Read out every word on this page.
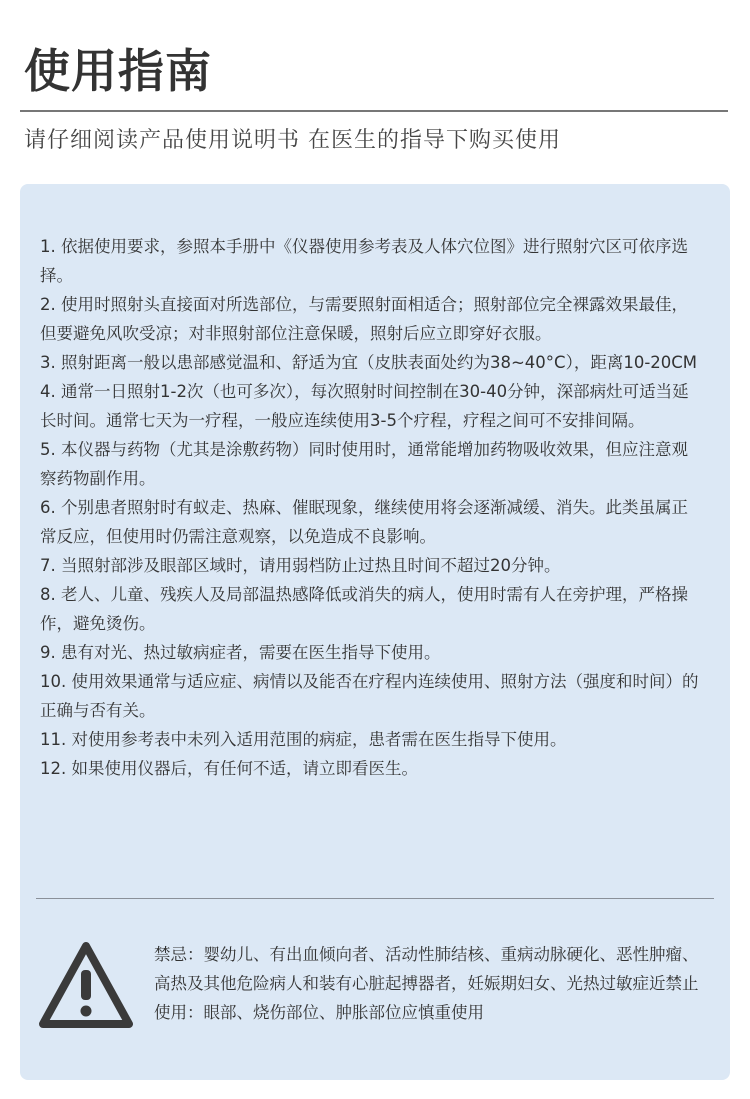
使用指南
请仔细阅读产品使用说明书 在医生的指导下购买使用
1. 依据使用要求，参照本手册中《仪器使用参考表及人体穴位图》进行照射穴区可依序选择。
2. 使用时照射头直接面对所选部位，与需要照射面相适合；照射部位完全裸露效果最佳，但要避免风吹受凉；对非照射部位注意保暖，照射后应立即穿好衣服。
3. 照射距离一般以患部感觉温和、舒适为宜（皮肤表面处约为38~40°C），距离10-20CM
4. 通常一日照射1-2次（也可多次），每次照射时间控制在30-40分钟，深部病灶可适当延长时间。通常七天为一疗程，一般应连续使用3-5个疗程，疗程之间可不安排间隔。
5. 本仪器与药物（尤其是涂敷药物）同时使用时，通常能增加药物吸收效果，但应注意观察药物副作用。
6. 个别患者照射时有蚁走、热麻、催眠现象，继续使用将会逐渐减缓、消失。此类虽属正常反应，但使用时仍需注意观察，以免造成不良影响。
7. 当照射部涉及眼部区域时，请用弱档防止过热且时间不超过20分钟。
8. 老人、儿童、残疾人及局部温热感降低或消失的病人，使用时需有人在旁护理，严格操作，避免烫伤。
9. 患有对光、热过敏病症者，需要在医生指导下使用。
10. 使用效果通常与适应症、病情以及能否在疗程内连续使用、照射方法（强度和时间）的正确与否有关。
11. 对使用参考表中未列入适用范围的病症，患者需在医生指导下使用。
12. 如果使用仪器后，有任何不适，请立即看医生。
禁忌：婴幼儿、有出血倾向者、活动性肺结核、重病动脉硬化、恶性肿瘤、高热及其他危险病人和装有心脏起搏器者，妊娠期妇女、光热过敏症近禁止使用：眼部、烧伤部位、肿胀部位应慎重使用
